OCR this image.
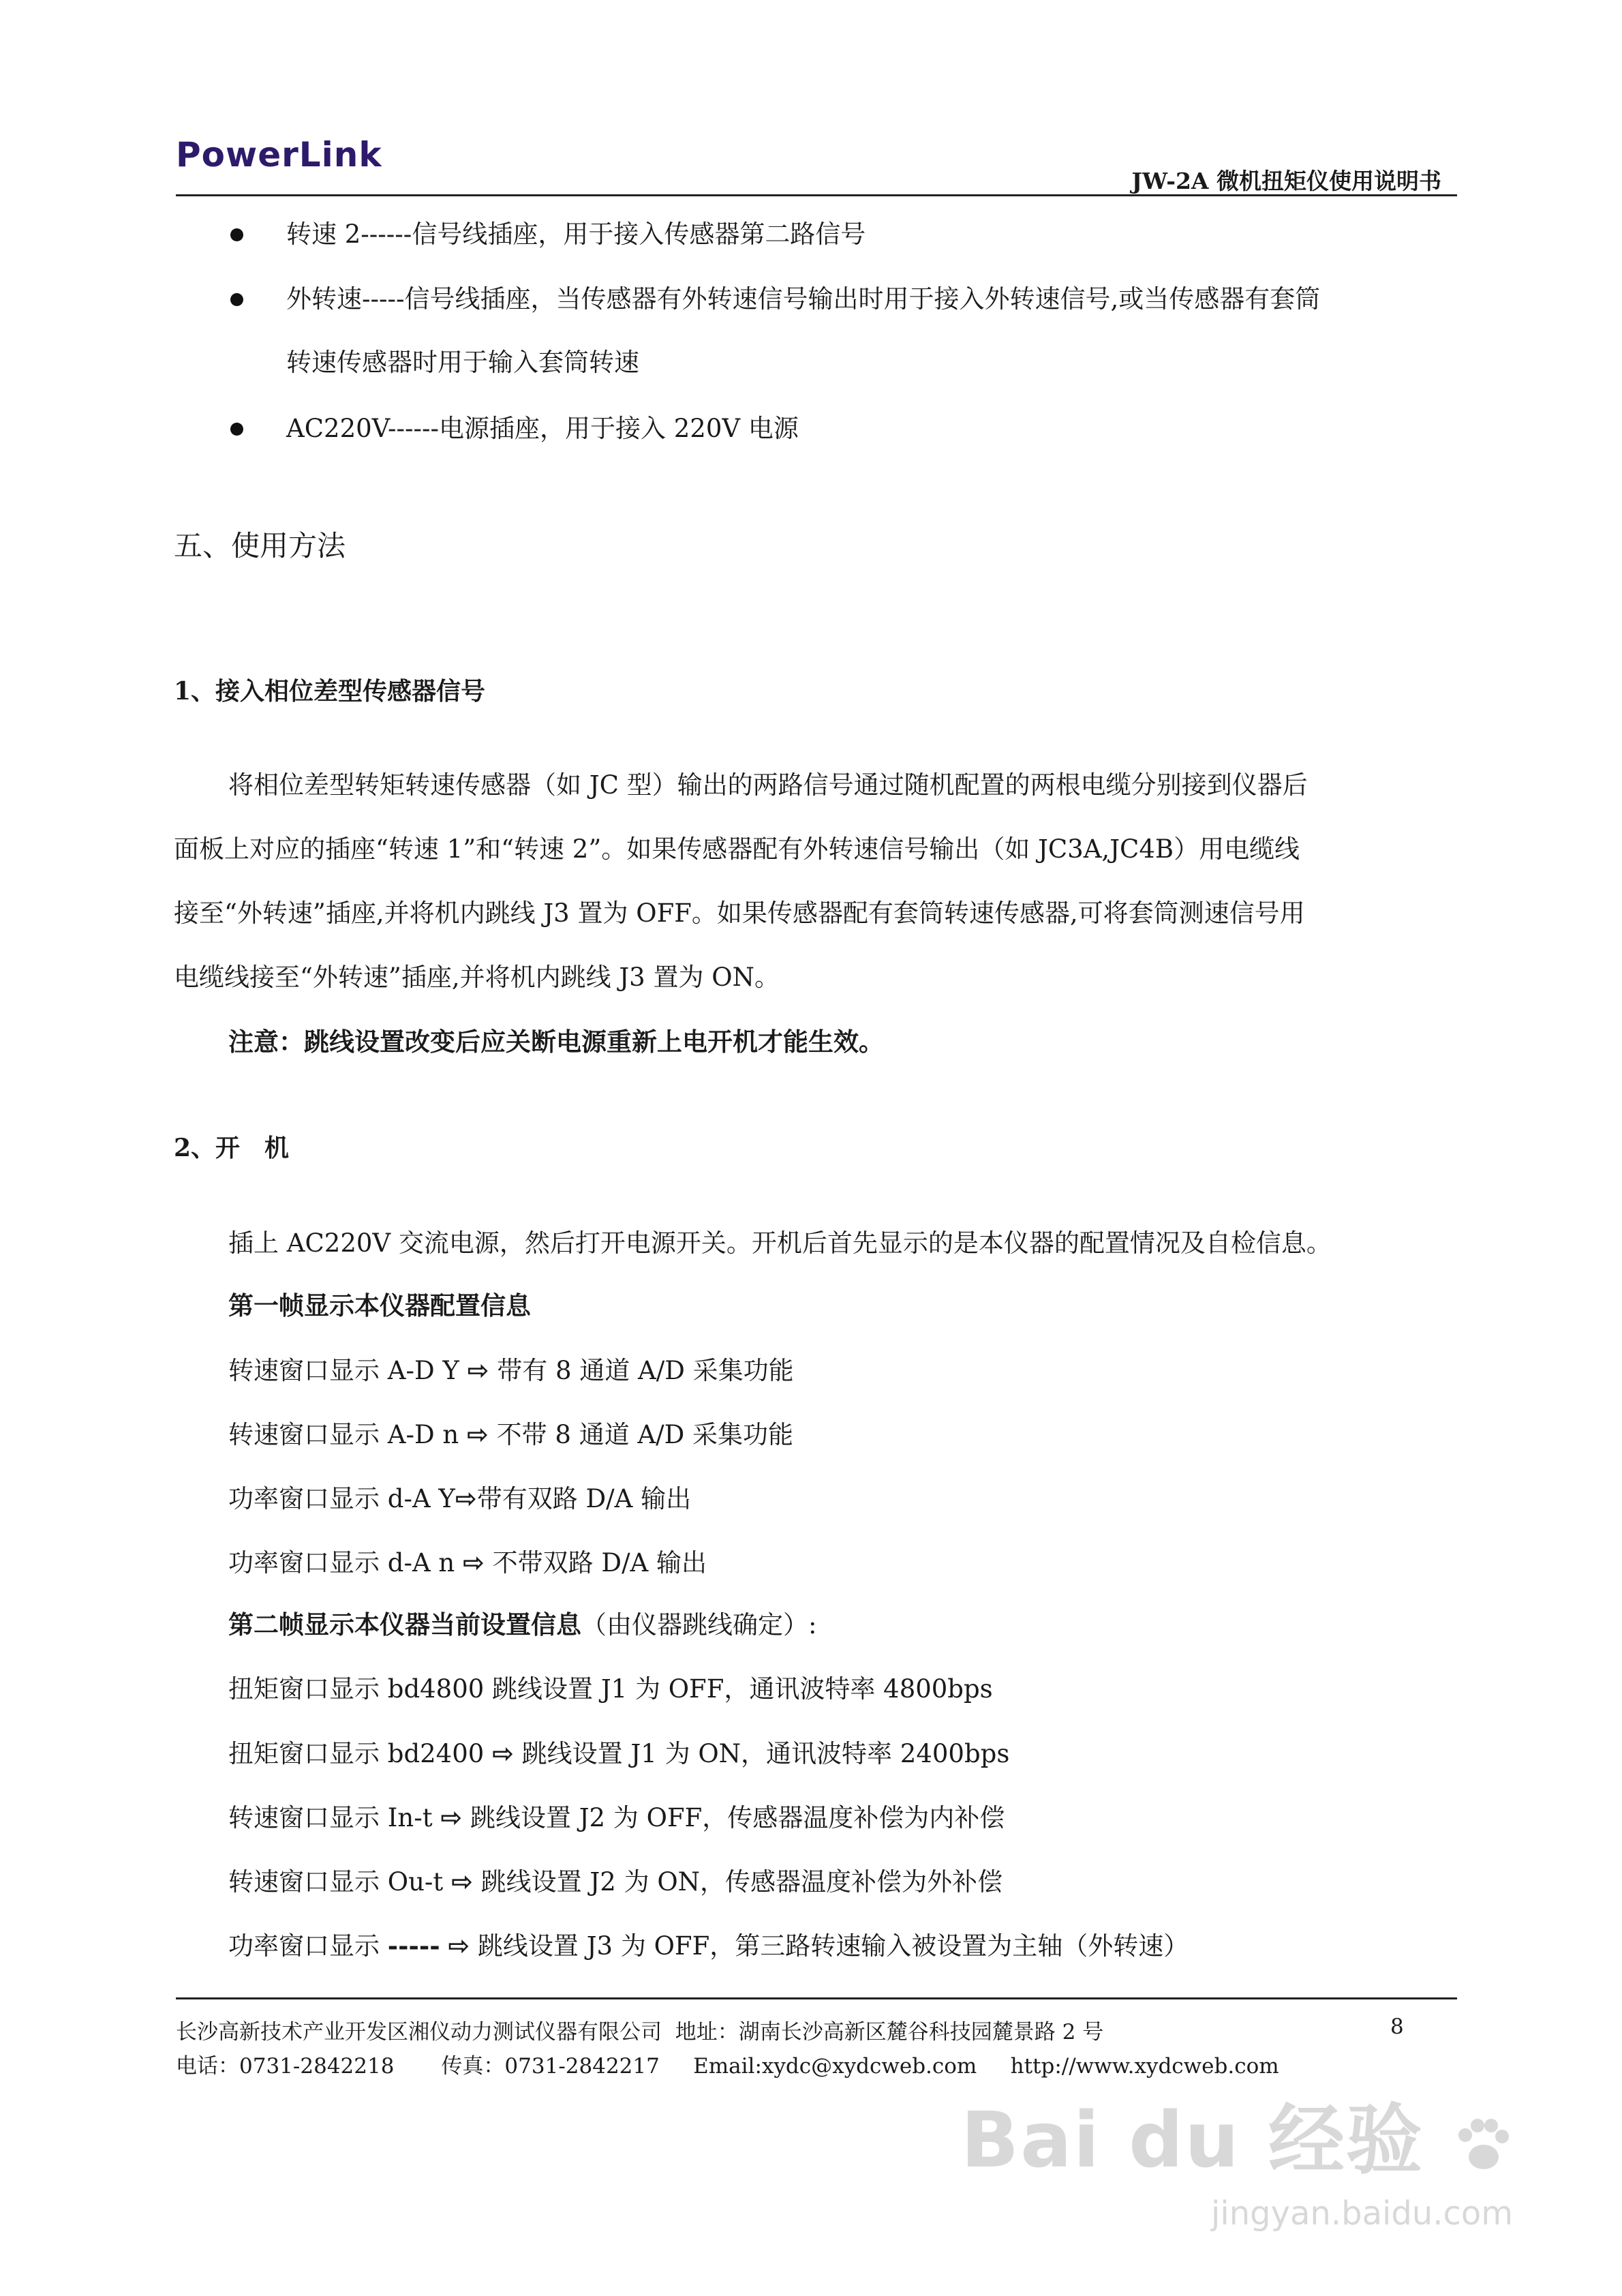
PowerLink
JW-2A 微机扭矩仪使用说明书
转速 2------信号线插座，用于接入传感器第二路信号
外转速-----信号线插座，当传感器有外转速信号输出时用于接入外转速信号,或当传感器有套筒
转速传感器时用于输入套筒转速
AC220V------电源插座，用于接入 220V 电源
五、使用方法
1、接入相位差型传感器信号
将相位差型转矩转速传感器（如 JC 型）输出的两路信号通过随机配置的两根电缆分别接到仪器后
面板上对应的插座“转速 1”和“转速 2”。如果传感器配有外转速信号输出（如 JC3A,JC4B）用电缆线
接至“外转速”插座,并将机内跳线 J3 置为 OFF。如果传感器配有套筒转速传感器,可将套筒测速信号用
电缆线接至“外转速”插座,并将机内跳线 J3 置为 ON。
注意：跳线设置改变后应关断电源重新上电开机才能生效。
2、开　机
插上 AC220V 交流电源，然后打开电源开关。开机后首先显示的是本仪器的配置情况及自检信息。
第一帧显示本仪器配置信息
转速窗口显示 A-D Y ⇨ 带有 8 通道 A/D 采集功能
转速窗口显示 A-D n ⇨ 不带 8 通道 A/D 采集功能
功率窗口显示 d-A Y⇨带有双路 D/A 输出
功率窗口显示 d-A n ⇨ 不带双路 D/A 输出
第二帧显示本仪器当前设置信息（由仪器跳线确定）:
扭矩窗口显示 bd4800 跳线设置 J1 为 OFF，通讯波特率 4800bps
扭矩窗口显示 bd2400 ⇨ 跳线设置 J1 为 ON，通讯波特率 2400bps
转速窗口显示 In-t ⇨ 跳线设置 J2 为 OFF，传感器温度补偿为内补偿
转速窗口显示 Ou-t ⇨ 跳线设置 J2 为 ON，传感器温度补偿为外补偿
功率窗口显示 ----- ⇨ 跳线设置 J3 为 OFF，第三路转速输入被设置为主轴（外转速）
长沙高新技术产业开发区湘仪动力测试仪器有限公司 地址：湖南长沙高新区麓谷科技园麓景路 2 号	8
电话：0731-2842218 传真：0731-2842217 Email:xydc@xydcweb.com http://www.xydcweb.com
Bai du 经验
jingyan.baidu.com
